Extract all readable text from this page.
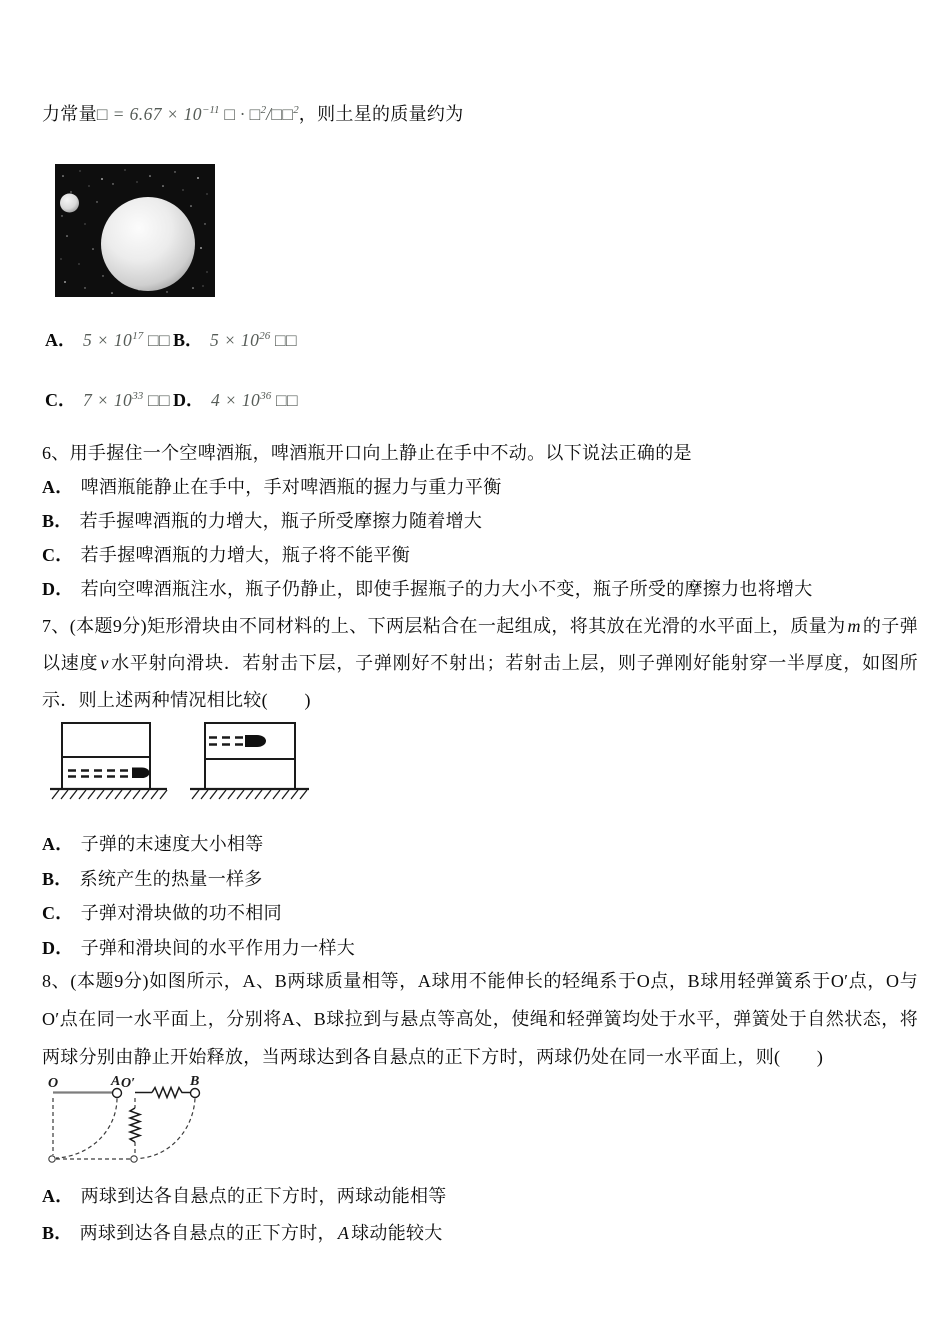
力常量□ = $6.67 \times 10^{-11}$ □ · □$^2$/□□$^2$，则土星的质量约为
A． $5 \times 10^{17}$ □□ B． $5 \times 10^{26}$ □□
C． $7 \times 10^{33}$ □□ D． $4 \times 10^{36}$ □□
6、用手握住一个空啤酒瓶，啤酒瓶开口向上静止在手中不动。以下说法正确的是
A． 啤酒瓶能静止在手中，手对啤酒瓶的握力与重力平衡
B． 若手握啤酒瓶的力增大，瓶子所受摩擦力随着增大
C． 若手握啤酒瓶的力增大，瓶子将不能平衡
D． 若向空啤酒瓶注水，瓶子仍静止，即使手握瓶子的力大小不变，瓶子所受的摩擦力也将增大
7、(本题9分)矩形滑块由不同材料的上、下两层粘合在一起组成，将其放在光滑的水平面上，质量为 m 的子弹以速度 v 水平射向滑块．若射击下层，子弹刚好不射出；若射击上层，则子弹刚好能射穿一半厚度，如图所示．则上述两种情况相比较(　　)
A． 子弹的末速度大小相等
B． 系统产生的热量一样多
C． 子弹对滑块做的功不相同
D． 子弹和滑块间的水平作用力一样大
8、(本题9分)如图所示，A、B两球质量相等，A球用不能伸长的轻绳系于O点，B球用轻弹簧系于O′点，O与O′点在同一水平面上，分别将A、B球拉到与悬点等高处，使绳和轻弹簧均处于水平，弹簧处于自然状态，将两球分别由静止开始释放，当两球达到各自悬点的正下方时，两球仍处在同一水平面上，则(　　)
O	A O′	B
A． 两球到达各自悬点的正下方时，两球动能相等
B． 两球到达各自悬点的正下方时， A 球动能较大
